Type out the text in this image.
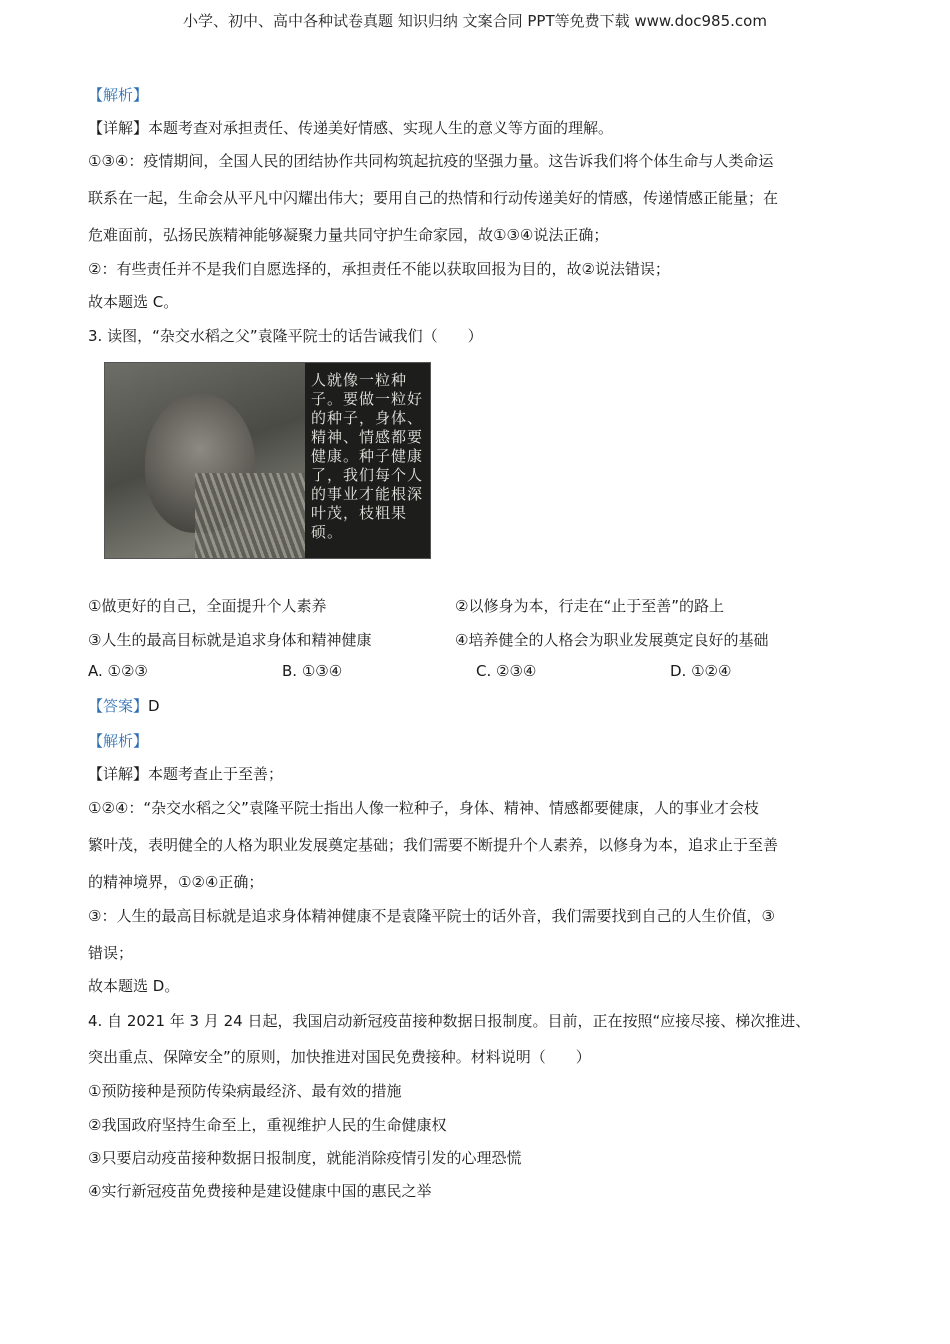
小学、初中、高中各种试卷真题 知识归纳 文案合同 PPT等免费下载 www.doc985.com
【解析】
【详解】本题考查对承担责任、传递美好情感、实现人生的意义等方面的理解。
①③④：疫情期间，全国人民的团结协作共同构筑起抗疫的坚强力量。这告诉我们将个体生命与人类命运
联系在一起，生命会从平凡中闪耀出伟大；要用自己的热情和行动传递美好的情感，传递情感正能量；在
危难面前，弘扬民族精神能够凝聚力量共同守护生命家园，故①③④说法正确；
②：有些责任并不是我们自愿选择的，承担责任不能以获取回报为目的，故②说法错误；
故本题选 C。
3. 读图，“杂交水稻之父”袁隆平院士的话告诫我们（　　）
人就像一粒种子。要做一粒好的种子，身体、精神、情感都要健康。种子健康了，我们每个人的事业才能根深叶茂，枝粗果硕。
①做更好的自己，全面提升个人素养	②以修身为本，行走在“止于至善”的路上
③人生的最高目标就是追求身体和精神健康	④培养健全的人格会为职业发展奠定良好的基础
A. ①②③	B. ①③④	C. ②③④	D. ①②④
【答案】D
【解析】
【详解】本题考查止于至善；
①②④：“杂交水稻之父”袁隆平院士指出人像一粒种子，身体、精神、情感都要健康，人的事业才会枝
繁叶茂，表明健全的人格为职业发展奠定基础；我们需要不断提升个人素养，以修身为本，追求止于至善
的精神境界，①②④正确；
③：人生的最高目标就是追求身体精神健康不是袁隆平院士的话外音，我们需要找到自己的人生价值，③
错误；
故本题选 D。
4. 自 2021 年 3 月 24 日起，我国启动新冠疫苗接种数据日报制度。目前，正在按照“应接尽接、梯次推进、
突出重点、保障安全”的原则，加快推进对国民免费接种。材料说明（　　）
①预防接种是预防传染病最经济、最有效的措施
②我国政府坚持生命至上，重视维护人民的生命健康权
③只要启动疫苗接种数据日报制度，就能消除疫情引发的心理恐慌
④实行新冠疫苗免费接种是建设健康中国的惠民之举
